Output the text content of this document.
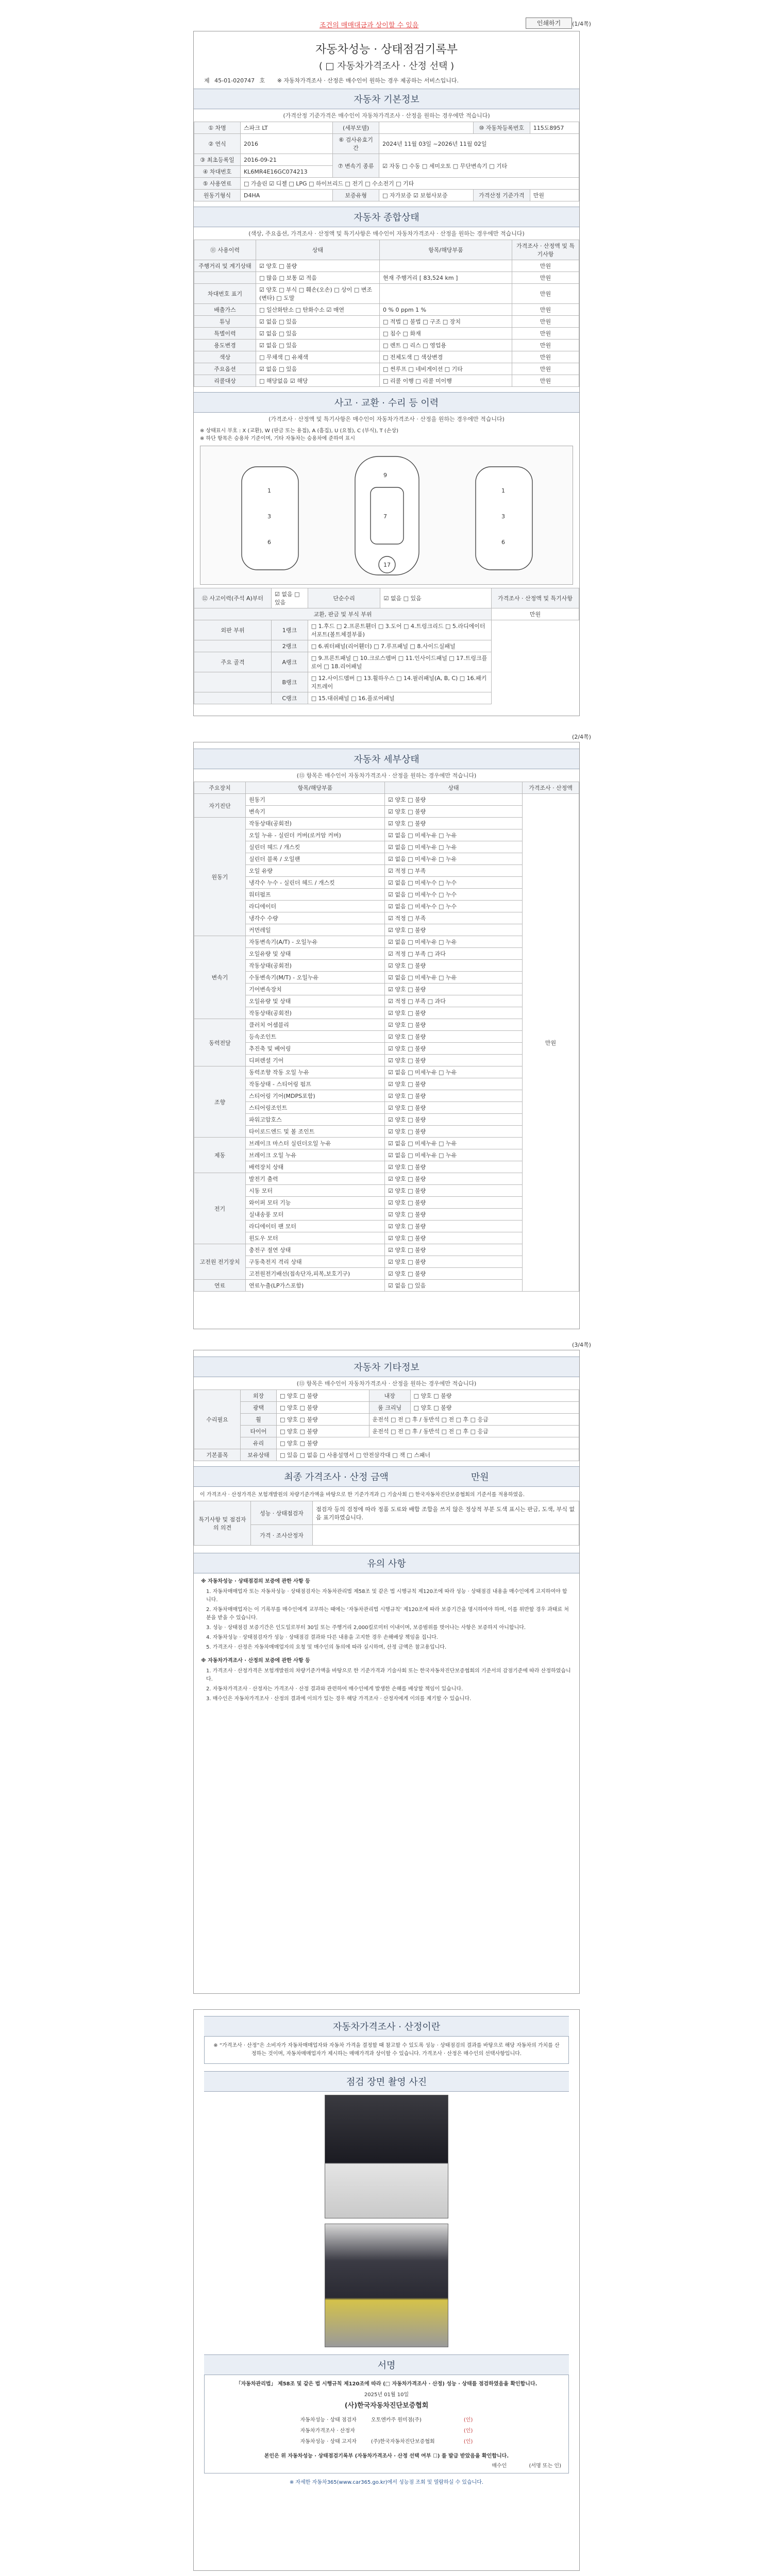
조건의 매매대금과 상이할 수 있음	인쇄하기	(1/4쪽)
자동차성능 · 상태점검기록부
( □ 자동차가격조사 · 산정 선택 )
제 45-01-020747 호 ※ 자동차가격조사 · 산정은 매수인이 원하는 경우 제공하는 서비스입니다.
자동차 기본정보
(가격산정 기준가격은 매수인이 자동차가격조사 · 산정을 원하는 경우에만 적습니다)
① 차명	스파크 LT	(세부모델)		⑩ 자동차등록번호	115도8957
② 연식	2016	⑥ 검사유효기간	2024년 11월 03일 ~2026년 11월 02일		
③ 최초등록일	2016-09-21	⑦ 변속기 종류	☑ 자동 □ 수동 □ 세미오토 □ 무단변속기 □ 기타		
④ 차대번호	KL6MR4E16GC074213				
⑤ 사용연료	□ 가솔린 ☑ 디젤 □ LPG □ 하이브리드 □ 전기 □ 수소전기 □ 기타				
원동기형식	D4HA	보증유형	□ 자가보증 ☑ 보험사보증	가격산정 기준가격	만원
자동차 종합상태
(색상, 주요옵션, 가격조사 · 산정액 및 특기사항은 매수인이 자동차가격조사 · 산정을 원하는 경우에만 적습니다)
⑪ 사용이력	상태	항목/해당부품	가격조사 · 산정액 및 특기사항
주행거리 및 계기상태	☑ 양호 □ 불량		만원
	□ 많음 □ 보통 ☑ 적음	현재 주행거리 [ 83,524 km ]	만원
차대번호 표기	☑ 양호 □ 부식 □ 훼손(오손) □ 상이 □ 변조(변타) □ 도말		만원
배출가스	□ 일산화탄소 □ 탄화수소 ☑ 매연	0 % 0 ppm 1 %	만원
튜닝	☑ 없음 □ 있음	□ 적법 □ 불법 □ 구조 □ 장치	만원
특별이력	☑ 없음 □ 있음	□ 침수 □ 화재	만원
용도변경	☑ 없음 □ 있음	□ 렌트 □ 리스 □ 영업용	만원
색상	□ 무채색 □ 유채색	□ 전체도색 □ 색상변경	만원
주요옵션	☑ 없음 □ 있음	□ 썬루프 □ 네비게이션 □ 기타	만원
리콜대상	□ 해당없음 ☑ 해당	□ 리콜 이행 □ 리콜 미이행	만원
사고 · 교환 · 수리 등 이력
(가격조사 · 산정액 및 특기사항은 매수인이 자동차가격조사 · 산정을 원하는 경우에만 적습니다)
※ 상태표시 부호 : X (교환), W (판금 또는 용접), A (흠집), U (요철), C (부식), T (손상)
※ 하단 항목은 승용차 기준이며, 기타 자동차는 승용차에 준하여 표시
1
3
6
9
7
17
1
3
6
⑫ 사고이력(주석 A)부터	☑ 없음 □ 있음	단순수리	☑ 없음 □ 있음	가격조사 · 산정액 및 특기사항
교환, 판금 및 부식 부위				만원
외판 부위	1랭크	□ 1.후드 □ 2.프론트휀더 □ 3.도어 □ 4.트렁크리드 □ 5.라디에이터 서포트(볼트체결부품)		
	2랭크	□ 6.쿼터패널(리어휀더) □ 7.루프패널 □ 8.사이드실패널		
주요 골격	A랭크	□ 9.프론트패널 □ 10.크로스멤버 □ 11.인사이드패널 □ 17.트렁크플로어 □ 18.리어패널		
	B랭크	□ 12.사이드멤버 □ 13.휠하우스 □ 14.필러패널(A, B, C) □ 16.패키지트레이		
	C랭크	□ 15.대쉬패널 □ 16.플로어패널		
(2/4쪽)
자동차 세부상태
(⑬ 항목은 매수인이 자동차가격조사 · 산정을 원하는 경우에만 적습니다)
주요장치	항목/해당부품	상태	가격조사 · 산정액
자기진단	원동기	☑ 양호 □ 불량	만원
	변속기	☑ 양호 □ 불량	
원동기	작동상태(공회전)	☑ 양호 □ 불량	
	오일 누유 - 실린더 커버(로커암 커버)	☑ 없음 □ 미세누유 □ 누유	
	실린더 헤드 / 개스킷	☑ 없음 □ 미세누유 □ 누유	
	실린더 블록 / 오일팬	☑ 없음 □ 미세누유 □ 누유	
	오일 유량	☑ 적정 □ 부족	
	냉각수 누수 - 실린더 헤드 / 개스킷	☑ 없음 □ 미세누수 □ 누수	
	워터펌프	☑ 없음 □ 미세누수 □ 누수	
	라디에이터	☑ 없음 □ 미세누수 □ 누수	
	냉각수 수량	☑ 적정 □ 부족	
	커먼레일	☑ 양호 □ 불량	
변속기	자동변속기(A/T) - 오일누유	☑ 없음 □ 미세누유 □ 누유	
	오일유량 및 상태	☑ 적정 □ 부족 □ 과다	
	작동상태(공회전)	☑ 양호 □ 불량	
	수동변속기(M/T) - 오일누유	☑ 없음 □ 미세누유 □ 누유	
	기어변속장치	☑ 양호 □ 불량	
	오일유량 및 상태	☑ 적정 □ 부족 □ 과다	
	작동상태(공회전)	☑ 양호 □ 불량	
동력전달	클러치 어셈블리	☑ 양호 □ 불량	
	등속조인트	☑ 양호 □ 불량	
	추진축 및 베어링	☑ 양호 □ 불량	
	디퍼렌셜 기어	☑ 양호 □ 불량	
조향	동력조향 작동 오일 누유	☑ 없음 □ 미세누유 □ 누유	
	작동상태 - 스티어링 펌프	☑ 양호 □ 불량	
	스티어링 기어(MDPS포함)	☑ 양호 □ 불량	
	스티어링조인트	☑ 양호 □ 불량	
	파워고압호스	☑ 양호 □ 불량	
	타이로드엔드 및 볼 조인트	☑ 양호 □ 불량	
제동	브레이크 마스터 실린더오일 누유	☑ 없음 □ 미세누유 □ 누유	
	브레이크 오일 누유	☑ 없음 □ 미세누유 □ 누유	
	배력장치 상태	☑ 양호 □ 불량	
전기	발전기 출력	☑ 양호 □ 불량	
	시동 모터	☑ 양호 □ 불량	
	와이퍼 모터 기능	☑ 양호 □ 불량	
	실내송풍 모터	☑ 양호 □ 불량	
	라디에이터 팬 모터	☑ 양호 □ 불량	
	윈도우 모터	☑ 양호 □ 불량	
고전원 전기장치	충전구 절연 상태	☑ 양호 □ 불량	
	구동축전지 격리 상태	☑ 양호 □ 불량	
	고전원전기배선(접속단자,피복,보호기구)	☑ 양호 □ 불량	
연료	연료누출(LP가스포함)	☑ 없음 □ 있음	
(3/4쪽)
자동차 기타정보
(⑬ 항목은 매수인이 자동차가격조사 · 산정을 원하는 경우에만 적습니다)
수리필요	외장	□ 양호 □ 불량	내장	□ 양호 □ 불량
	광택	□ 양호 □ 불량	룸 크리닝	□ 양호 □ 불량
	휠	□ 양호 □ 불량	운전석 □ 전 □ 후 / 동반석 □ 전 □ 후 □ 응급	
	타이어	□ 양호 □ 불량	운전석 □ 전 □ 후 / 동반석 □ 전 □ 후 □ 응급	
	유리	□ 양호 □ 불량		
기본품목	보유상태	□ 있음 □ 없음 □ 사용설명서 □ 안전삼각대 □ 잭 □ 스패너		
최종 가격조사 · 산정 금액	만원
이 가격조사 · 산정가격은 보험개발원의 차량기준가액을 바탕으로 한 기준가격과 □ 기술사회 □ 한국자동차진단보증협회의 기준서를 적용하였음.
특기사항 및 점검자의 의견	성능 · 상태점검자	점검자 등의 검정에 따라 정품 도료와 배합 조합을 쓰지 않은 정상적 부분 도색 표시는 판금, 도색, 부식 없음 표기하였습니다.
	가격 · 조사산정자	
유의 사항
※ 자동차성능 · 상태점검의 보증에 관한 사항 등
1. 자동차매매업자 또는 자동차성능 · 상태점검자는 자동차관리법 제58조 및 같은 법 시행규칙 제120조에 따라 성능 · 상태점검 내용을 매수인에게 고지하여야 합니다.
2. 자동차매매업자는 이 기록부를 매수인에게 교부하는 때에는 ‘자동차관리법 시행규칙’ 제120조에 따라 보증기간을 명시하여야 하며, 이를 위반할 경우 과태료 처분을 받을 수 있습니다.
3. 성능 · 상태점검 보증기간은 인도일로부터 30일 또는 주행거리 2,000킬로미터 이내이며, 보증범위를 벗어나는 사항은 보증하지 아니합니다.
4. 자동차성능 · 상태점검자가 성능 · 상태점검 결과와 다른 내용을 고지한 경우 손해배상 책임을 집니다.
5. 가격조사 · 산정은 자동차매매업자의 요청 및 매수인의 동의에 따라 실시하며, 산정 금액은 참고용입니다.
※ 자동차가격조사 · 산정의 보증에 관한 사항 등
1. 가격조사 · 산정가격은 보험개발원의 차량기준가액을 바탕으로 한 기준가격과 기술사회 또는 한국자동차진단보증협회의 기준서의 감점기준에 따라 산정하였습니다.
2. 자동차가격조사 · 산정자는 가격조사 · 산정 결과와 관련하여 매수인에게 발생한 손해를 배상할 책임이 있습니다.
3. 매수인은 자동차가격조사 · 산정의 결과에 이의가 있는 경우 해당 가격조사 · 산정자에게 이의를 제기할 수 있습니다.
자동차가격조사 · 산정이란
※ “가격조사 · 산정”은 소비자가 자동차매매업자와 자동차 가격을 결정할 때 참고할 수 있도록 성능 · 상태점검의 결과를 바탕으로 해당 자동차의 가치를 산정하는 것이며, 자동차매매업자가 제시하는 매매가격과 상이할 수 있습니다. 가격조사 · 산정은 매수인의 선택사항입니다.
점검 장면 촬영 사진
서명
「자동차관리법」 제58조 및 같은 법 시행규칙 제120조에 따라 (□ 자동차가격조사 · 산정) 성능 · 상태를 점검하였음을 확인합니다.
2025년 01월 10일
(사)한국자동차진단보증협회
자동차성능 · 상태 점검자	오토엔카주 원미점(주)	(인)
자동차가격조사 · 산정자		(인)
자동차성능 · 상태 고지자	(주)한국자동차진단보증협회	(인)
본인은 위 자동차성능 · 상태점검기록부 (자동차가격조사 · 산정 선택 여부 ☐) 를 발급 받았음을 확인합니다.
매수인	(서명 또는 인)
※ 자세한 자동차365(www.car365.go.kr)에서 성능점 조회 및 열람하실 수 있습니다.
